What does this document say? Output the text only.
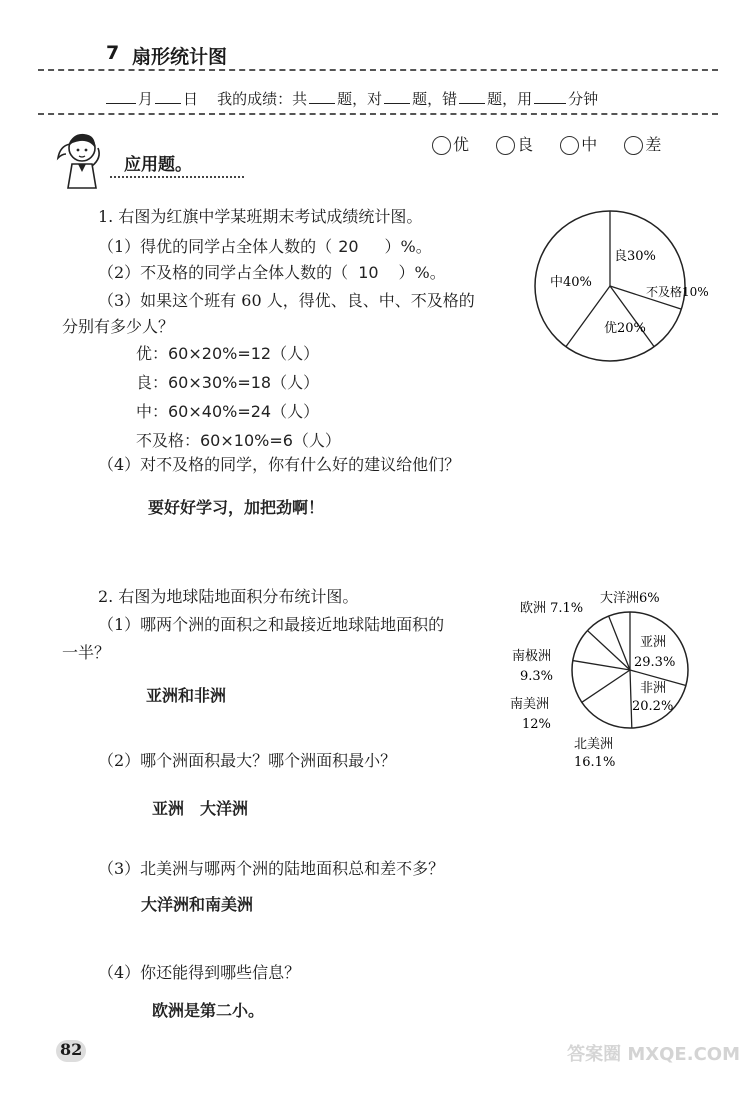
7 扇形统计图
月 日 我的成绩：共 题，对 题，错 题，用 分钟
应用题。
优	良	中	差
1. 右图为红旗中学某班期末考试成绩统计图。
（1）得优的同学占全体人数的（ 20 ）%。
（2）不及格的同学占全体人数的（ 10 ）%。
（3）如果这个班有 60 人，得优、良、中、不及格的
分别有多少人？
优：60×20%=12（人）
良：60×30%=18（人）
中：60×40%=24（人）
不及格：60×10%=6（人）
（4）对不及格的同学，你有什么好的建议给他们？
要好好学习，加把劲啊！
良30%
不及格10%
优20%
中40%
2. 右图为地球陆地面积分布统计图。
（1）哪两个洲的面积之和最接近地球陆地面积的
一半？
亚洲和非洲
（2）哪个洲面积最大？哪个洲面积最小？
亚洲　大洋洲
（3）北美洲与哪两个洲的陆地面积总和差不多？
大洋洲和南美洲
（4）你还能得到哪些信息？
欧洲是第二小。
大洋洲6%
欧洲 7.1%
亚洲
29.3%
非洲
20.2%
北美洲
16.1%
南美洲
12%
南极洲
9.3%
82	答案圈 MXQE.COM
